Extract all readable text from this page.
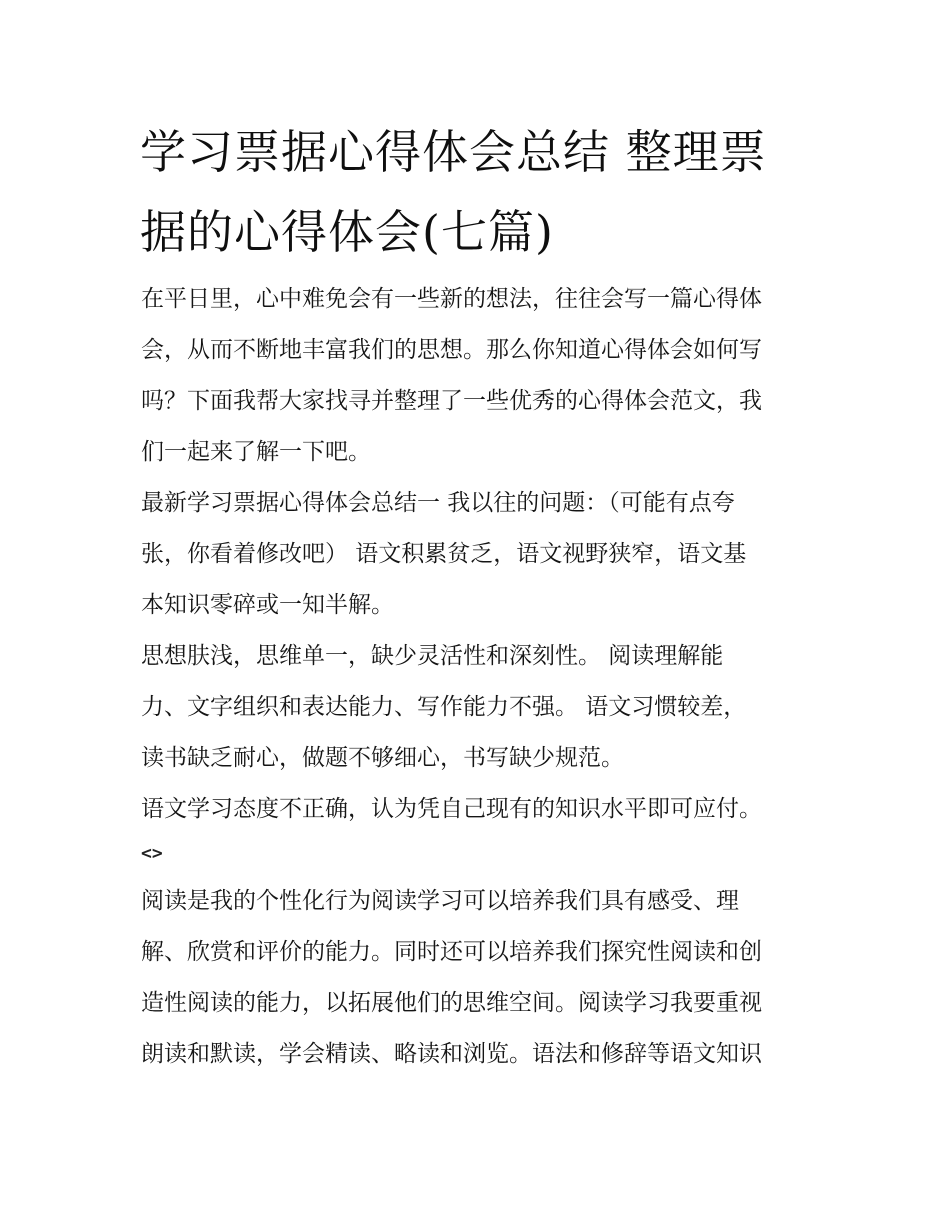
学习票据心得体会总结 整理票
据的心得体会(七篇)
在平日里，心中难免会有一些新的想法，往往会写一篇心得体
会，从而不断地丰富我们的思想。那么你知道心得体会如何写
吗？下面我帮大家找寻并整理了一些优秀的心得体会范文，我
们一起来了解一下吧。
最新学习票据心得体会总结一 我以往的问题：（可能有点夸
张，你看着修改吧） 语文积累贫乏，语文视野狭窄，语文基
本知识零碎或一知半解。
思想肤浅，思维单一，缺少灵活性和深刻性。 阅读理解能
力、文字组织和表达能力、写作能力不强。 语文习惯较差，
读书缺乏耐心，做题不够细心，书写缺少规范。
语文学习态度不正确，认为凭自己现有的知识水平即可应付。

<>

阅读是我的个性化行为阅读学习可以培养我们具有感受、理
解、欣赏和评价的能力。同时还可以培养我们探究性阅读和创
造性阅读的能力，以拓展他们的思维空间。阅读学习我要重视
朗读和默读，学会精读、略读和浏览。语法和修辞等语文知识
